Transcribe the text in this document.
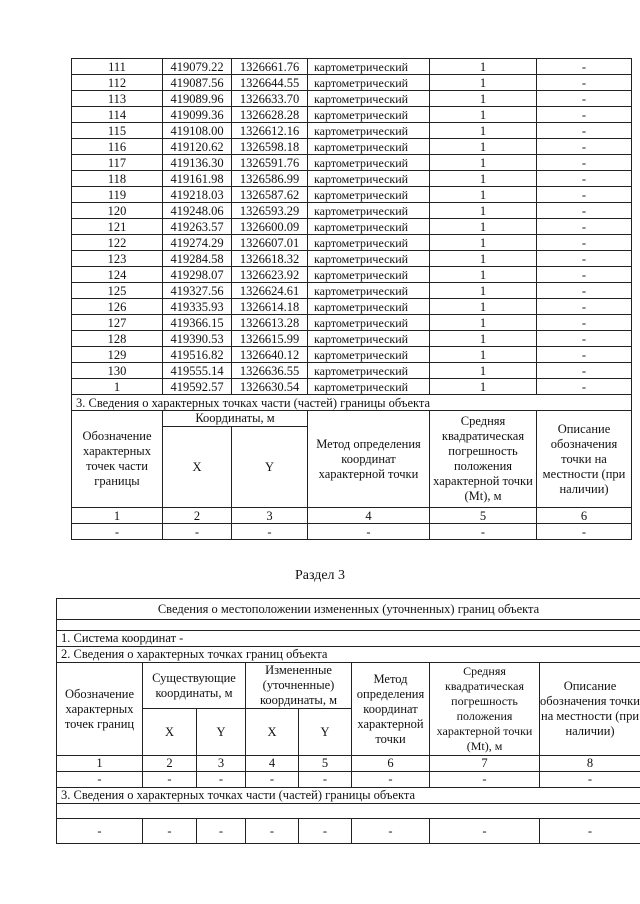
111	419079.22	1326661.76	картометрический	1	-
112	419087.56	1326644.55	картометрический	1	-
113	419089.96	1326633.70	картометрический	1	-
114	419099.36	1326628.28	картометрический	1	-
115	419108.00	1326612.16	картометрический	1	-
116	419120.62	1326598.18	картометрический	1	-
117	419136.30	1326591.76	картометрический	1	-
118	419161.98	1326586.99	картометрический	1	-
119	419218.03	1326587.62	картометрический	1	-
120	419248.06	1326593.29	картометрический	1	-
121	419263.57	1326600.09	картометрический	1	-
122	419274.29	1326607.01	картометрический	1	-
123	419284.58	1326618.32	картометрический	1	-
124	419298.07	1326623.92	картометрический	1	-
125	419327.56	1326624.61	картометрический	1	-
126	419335.93	1326614.18	картометрический	1	-
127	419366.15	1326613.28	картометрический	1	-
128	419390.53	1326615.99	картометрический	1	-
129	419516.82	1326640.12	картометрический	1	-
130	419555.14	1326636.55	картометрический	1	-
1	419592.57	1326630.54	картометрический	1	-
3. Сведения о характерных точках части (частей) границы объекта					
Обозначение характерных точек части границы	Координаты, м		Метод определения координат характерной точки	Средняя квадратическая погрешность положения характерной точки (Mt), м	Описание обозначения точки на местности (при наличии)
	X	Y			
1	2	3	4	5	6
-	-	-	-	-	-
Раздел 3
Сведения о местоположении измененных (уточненных) границ объекта							

1. Система координат -							
2. Сведения о характерных точках границ объекта							
Обозначение характерных точек границ	Существующие координаты, м		Измененные (уточненные) координаты, м		Метод определения координат характерной точки	Средняя квадратическая погрешность положения характерной точки (Mt), м	Описание обозначения точки на местности (при наличии)
	X	Y	X	Y			
1	2	3	4	5	6	7	8
-	-	-	-	-	-	-	-
3. Сведения о характерных точках части (частей) границы объекта							

-	-	-	-	-	-	-	-
